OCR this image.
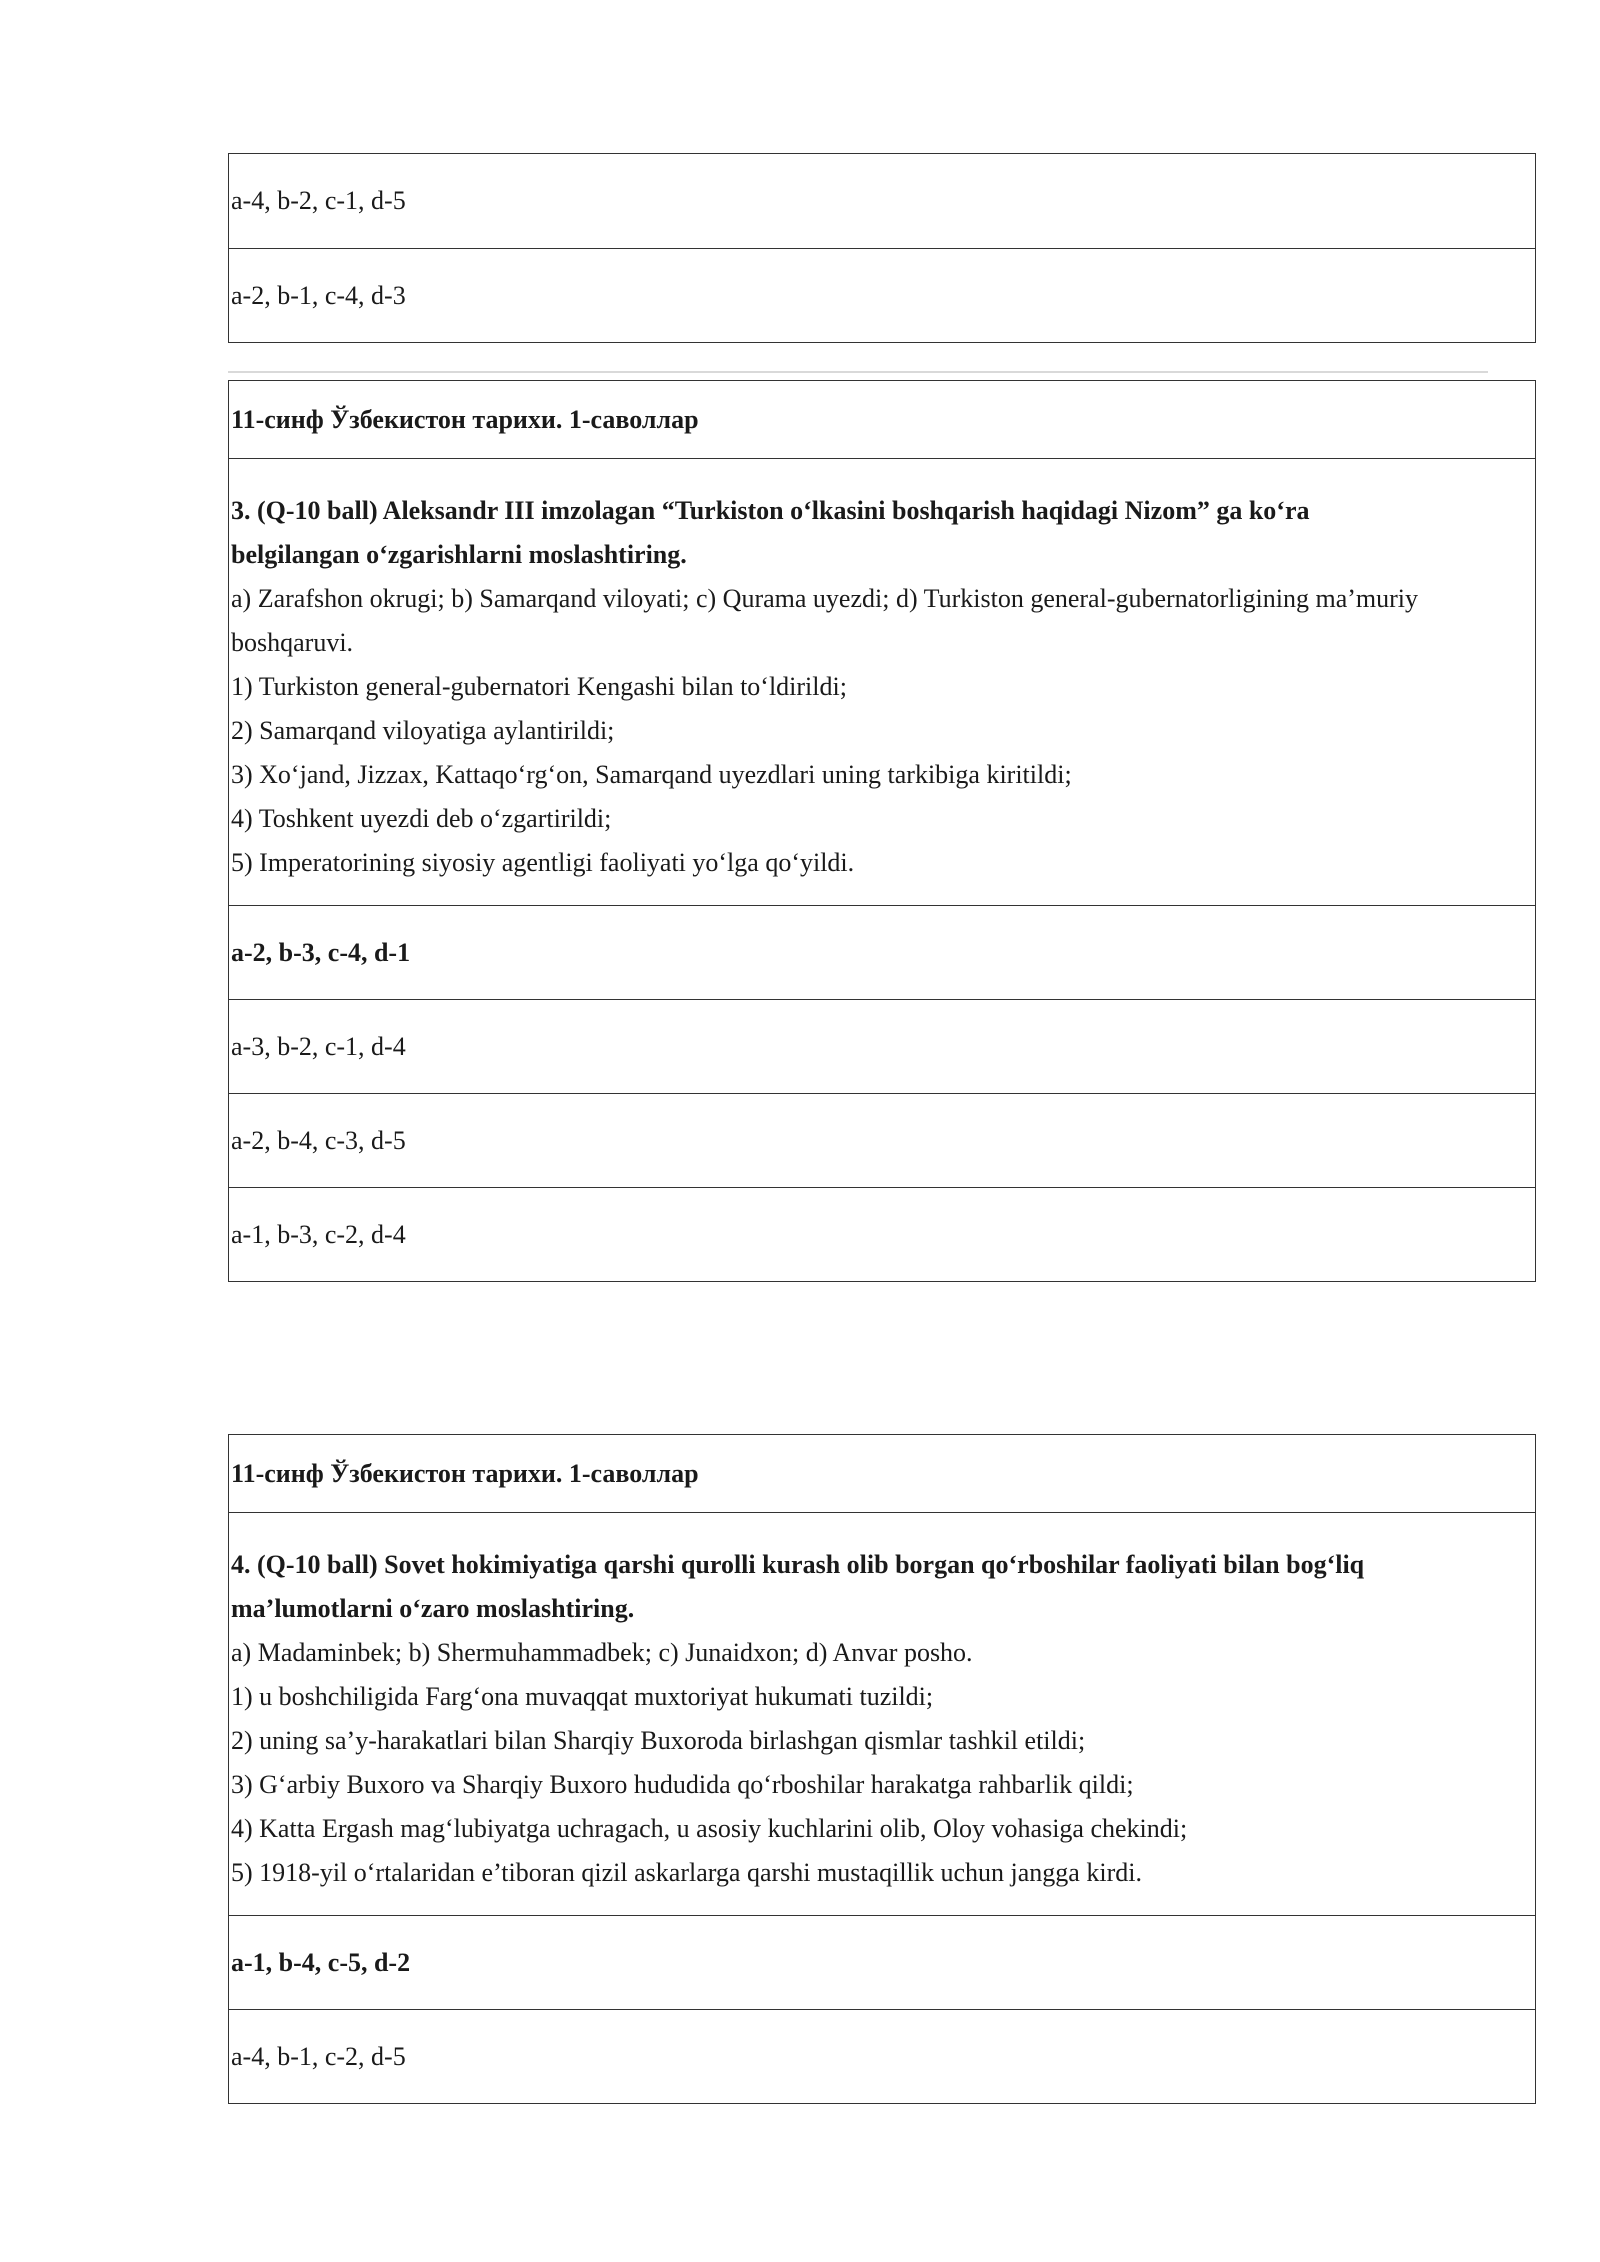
a-4, b-2, c-1, d-5
a-2, b-1, c-4, d-3
11-синф Ўзбекистон тарихи. 1-саволлар
3. (Q-10 ball) Aleksandr III imzolagan “Turkiston o‘lkasini boshqarish haqidagi Nizom” ga ko‘ra
belgilangan o‘zgarishlarni moslashtiring.
a) Zarafshon okrugi; b) Samarqand viloyati; c) Qurama uyezdi; d) Turkiston general-gubernatorligining ma’muriy
boshqaruvi.
1) Turkiston general-gubernatori Kengashi bilan to‘ldirildi;
2) Samarqand viloyatiga aylantirildi;
3) Xo‘jand, Jizzax, Kattaqo‘rg‘on, Samarqand uyezdlari uning tarkibiga kiritildi;
4) Toshkent uyezdi deb o‘zgartirildi;
5) Imperatorining siyosiy agentligi faoliyati yo‘lga qo‘yildi.
a-2, b-3, c-4, d-1
a-3, b-2, c-1, d-4
a-2, b-4, c-3, d-5
a-1, b-3, c-2, d-4
11-синф Ўзбекистон тарихи. 1-саволлар
4. (Q-10 ball) Sovet hokimiyatiga qarshi qurolli kurash olib borgan qo‘rboshilar faoliyati bilan bog‘liq
ma’lumotlarni o‘zaro moslashtiring.
a) Madaminbek; b) Shermuhammadbek; c) Junaidxon; d) Anvar posho.
1) u boshchiligida Farg‘ona muvaqqat muxtoriyat hukumati tuzildi;
2) uning sa’y-harakatlari bilan Sharqiy Buxoroda birlashgan qismlar tashkil etildi;
3) G‘arbiy Buxoro va Sharqiy Buxoro hududida qo‘rboshilar harakatga rahbarlik qildi;
4) Katta Ergash mag‘lubiyatga uchragach, u asosiy kuchlarini olib, Oloy vohasiga chekindi;
5) 1918-yil o‘rtalaridan e’tiboran qizil askarlarga qarshi mustaqillik uchun jangga kirdi.
a-1, b-4, c-5, d-2
a-4, b-1, c-2, d-5
